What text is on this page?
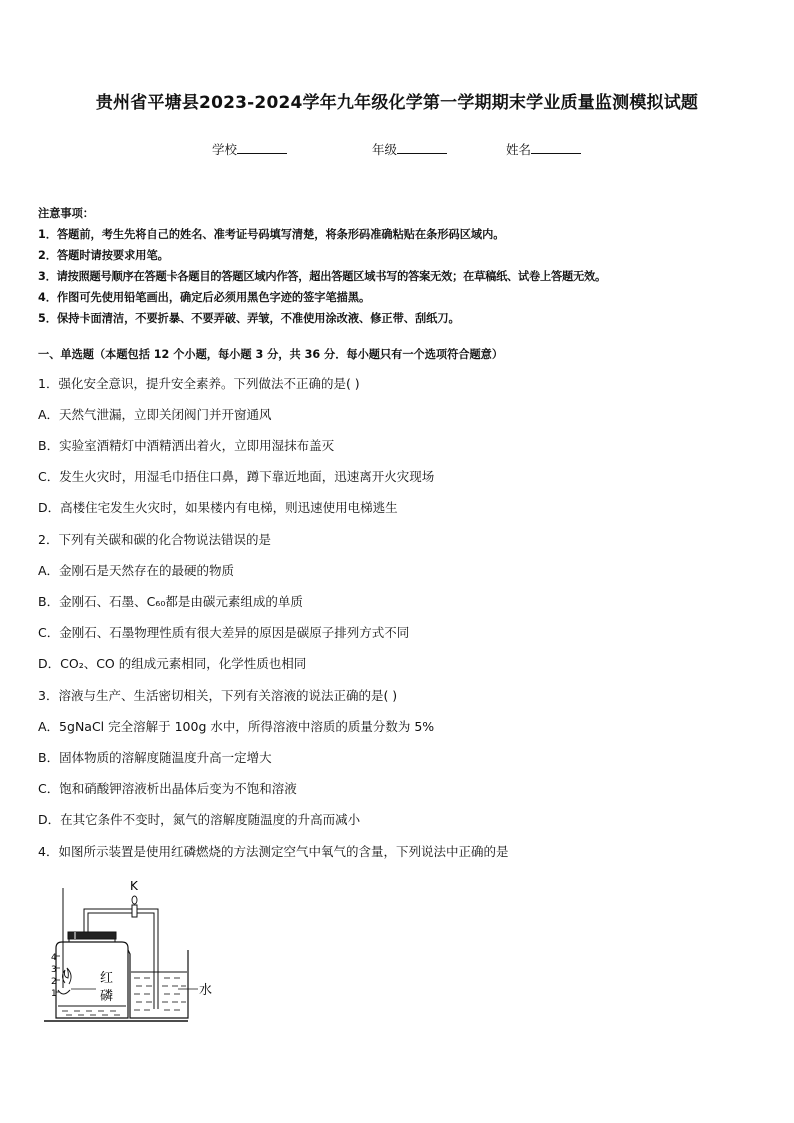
贵州省平塘县2023-2024学年九年级化学第一学期期末学业质量监测模拟试题
学校	年级	姓名
注意事项：
1．答题前，考生先将自己的姓名、准考证号码填写清楚，将条形码准确粘贴在条形码区域内。
2．答题时请按要求用笔。
3．请按照题号顺序在答题卡各题目的答题区域内作答，超出答题区域书写的答案无效；在草稿纸、试卷上答题无效。
4．作图可先使用铅笔画出，确定后必须用黑色字迹的签字笔描黑。
5．保持卡面清洁，不要折暴、不要弄破、弄皱，不准使用涂改液、修正带、刮纸刀。
一、单选题（本题包括 12 个小题，每小题 3 分，共 36 分．每小题只有一个选项符合题意）
1．强化安全意识，提升安全素养。下列做法不正确的是( )
A．天然气泄漏，立即关闭阀门并开窗通风
B．实验室酒精灯中酒精洒出着火，立即用湿抹布盖灭
C．发生火灾时，用湿毛巾捂住口鼻，蹲下靠近地面，迅速离开火灾现场
D．高楼住宅发生火灾时，如果楼内有电梯，则迅速使用电梯逃生
2．下列有关碳和碳的化合物说法错误的是
A．金刚石是天然存在的最硬的物质
B．金刚石、石墨、C₆₀都是由碳元素组成的单质
C．金刚石、石墨物理性质有很大差异的原因是碳原子排列方式不同
D．CO₂、CO 的组成元素相同，化学性质也相同
3．溶液与生产、生活密切相关，下列有关溶液的说法正确的是( )
A．5gNaCl 完全溶解于 100g 水中，所得溶液中溶质的质量分数为 5%
B．固体物质的溶解度随温度升高一定增大
C．饱和硝酸钾溶液析出晶体后变为不饱和溶液
D．在其它条件不变时，氮气的溶解度随温度的升高而减小
4．如图所示装置是使用红磷燃烧的方法测定空气中氧气的含量，下列说法中正确的是
4
3
2
1
红
磷
K
水
